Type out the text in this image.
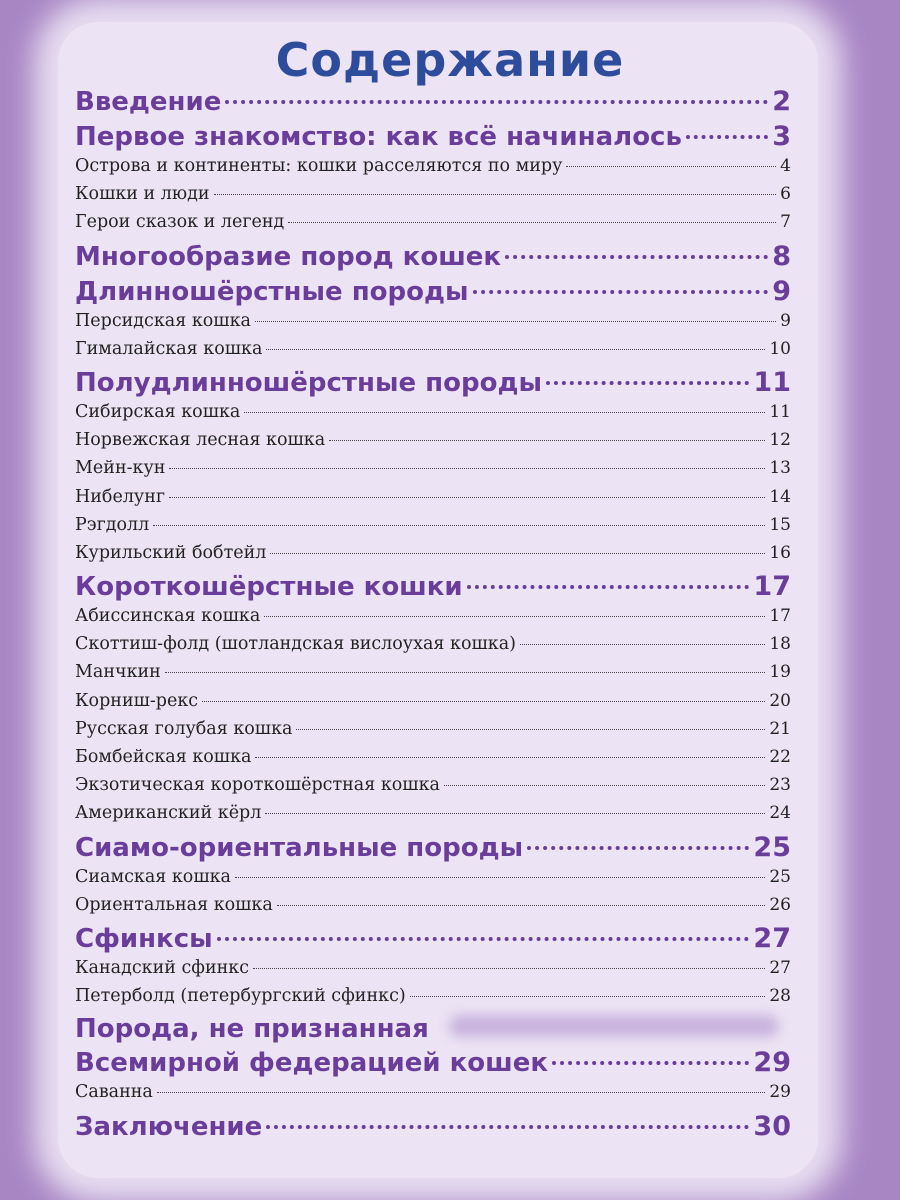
Содержание
Введение	2
Первое знакомство: как всё начиналось	3
Острова и континенты: кошки расселяются по миру	4
Кошки и люди	6
Герои сказок и легенд	7
Многообразие пород кошек	8
Длинношёрстные породы	9
Персидская кошка	9
Гималайская кошка	10
Полудлинношёрстные породы	11
Сибирская кошка	11
Норвежская лесная кошка	12
Мейн-кун	13
Нибелунг	14
Рэгдолл	15
Курильский бобтейл	16
Короткошёрстные кошки	17
Абиссинская кошка	17
Скоттиш-фолд (шотландская вислоухая кошка)	18
Манчкин	19
Корниш-рекс	20
Русская голубая кошка	21
Бомбейская кошка	22
Экзотическая короткошёрстная кошка	23
Американский кёрл	24
Сиамо-ориентальные породы	25
Сиамская кошка	25
Ориентальная кошка	26
Сфинксы	27
Канадский сфинкс	27
Петерболд (петербургский сфинкс)	28
Порода, не признанная
Всемирной федерацией кошек	29
Саванна	29
Заключение	30
